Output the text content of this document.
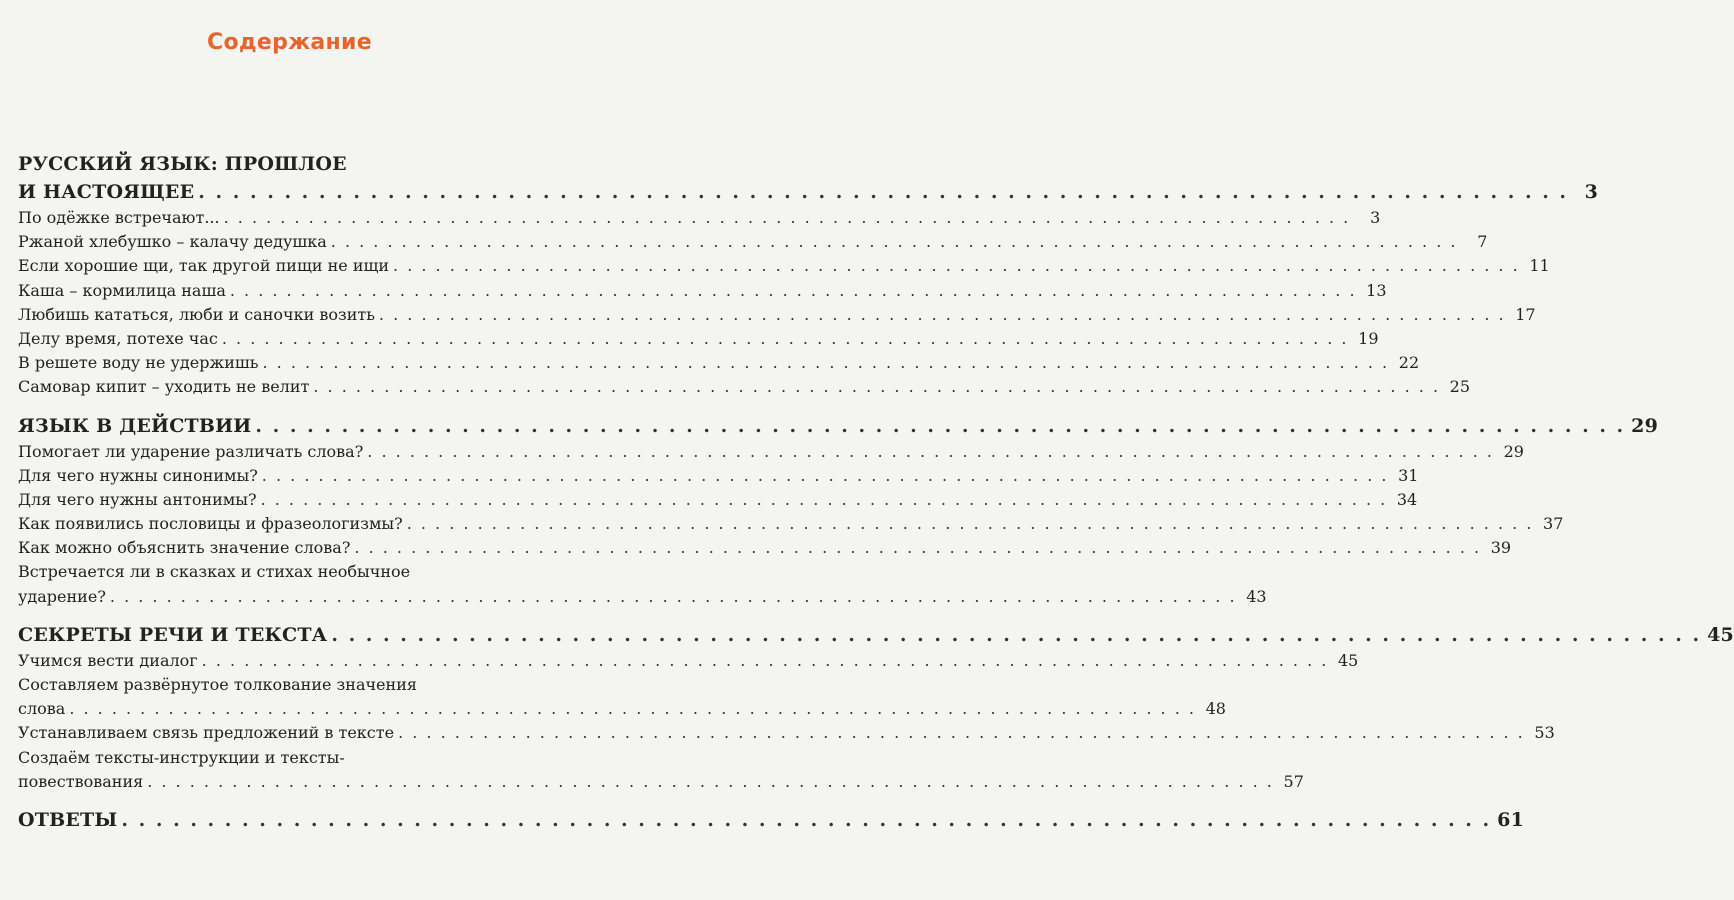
Содержание
РУССКИЙ ЯЗЫК: ПРОШЛОЕ
И НАСТОЯЩЕЕ . . . . . . . . . . . . . . . . . . . . . . . . . . . . . . . . . . . . . . . . . . . . . . . . . . . . . . . . . . . . . . . . . . . . . . . . . . . . . . . . 3
По одёжке встречают... . . . . . . . . . . . . . . . . . . . . . . . . . . . . . . . . . . . . . . . . . . . . . . . . . . . . . . . . . . . . . . . . . . . . . . . . . . . . . . . .	3
Ржаной хлебушко – калачу дедушка . . . . . . . . . . . . . . . . . . . . . . . . . . . . . . . . . . . . . . . . . . . . . . . . . . . . . . . . . . . . . . . . . . . . . . . . . . . . . . . .	7
Если хорошие щи, так другой пищи не ищи . . . . . . . . . . . . . . . . . . . . . . . . . . . . . . . . . . . . . . . . . . . . . . . . . . . . . . . . . . . . . . . . . . . . . . . . . . . . . . . . 11
Каша – кормилица наша . . . . . . . . . . . . . . . . . . . . . . . . . . . . . . . . . . . . . . . . . . . . . . . . . . . . . . . . . . . . . . . . . . . . . . . . . . . . . . . . 13
Любишь кататься, люби и саночки возить . . . . . . . . . . . . . . . . . . . . . . . . . . . . . . . . . . . . . . . . . . . . . . . . . . . . . . . . . . . . . . . . . . . . . . . . . . . . . . . . 17
Делу время, потехе час . . . . . . . . . . . . . . . . . . . . . . . . . . . . . . . . . . . . . . . . . . . . . . . . . . . . . . . . . . . . . . . . . . . . . . . . . . . . . . . . 19
В решете воду не удержишь . . . . . . . . . . . . . . . . . . . . . . . . . . . . . . . . . . . . . . . . . . . . . . . . . . . . . . . . . . . . . . . . . . . . . . . . . . . . . . . . 22
Самовар кипит – уходить не велит . . . . . . . . . . . . . . . . . . . . . . . . . . . . . . . . . . . . . . . . . . . . . . . . . . . . . . . . . . . . . . . . . . . . . . . . . . . . . . . . 25
ЯЗЫК В ДЕЙСТВИИ . . . . . . . . . . . . . . . . . . . . . . . . . . . . . . . . . . . . . . . . . . . . . . . . . . . . . . . . . . . . . . . . . . . . . . . . . . . . . . . . 29
Помогает ли ударение различать слова? . . . . . . . . . . . . . . . . . . . . . . . . . . . . . . . . . . . . . . . . . . . . . . . . . . . . . . . . . . . . . . . . . . . . . . . . . . . . . . . . 29
Для чего нужны синонимы? . . . . . . . . . . . . . . . . . . . . . . . . . . . . . . . . . . . . . . . . . . . . . . . . . . . . . . . . . . . . . . . . . . . . . . . . . . . . . . . . 31
Для чего нужны антонимы? . . . . . . . . . . . . . . . . . . . . . . . . . . . . . . . . . . . . . . . . . . . . . . . . . . . . . . . . . . . . . . . . . . . . . . . . . . . . . . . . 34
Как появились пословицы и фразеологизмы? . . . . . . . . . . . . . . . . . . . . . . . . . . . . . . . . . . . . . . . . . . . . . . . . . . . . . . . . . . . . . . . . . . . . . . . . . . . . . . . . 37
Как можно объяснить значение слова? . . . . . . . . . . . . . . . . . . . . . . . . . . . . . . . . . . . . . . . . . . . . . . . . . . . . . . . . . . . . . . . . . . . . . . . . . . . . . . . . 39
Встречается ли в сказках и стихах необычное
ударение? . . . . . . . . . . . . . . . . . . . . . . . . . . . . . . . . . . . . . . . . . . . . . . . . . . . . . . . . . . . . . . . . . . . . . . . . . . . . . . . . 43
СЕКРЕТЫ РЕЧИ И ТЕКСТА . . . . . . . . . . . . . . . . . . . . . . . . . . . . . . . . . . . . . . . . . . . . . . . . . . . . . . . . . . . . . . . . . . . . . . . . . . . . . . . . 45
Учимся вести диалог . . . . . . . . . . . . . . . . . . . . . . . . . . . . . . . . . . . . . . . . . . . . . . . . . . . . . . . . . . . . . . . . . . . . . . . . . . . . . . . . 45
Составляем развёрнутое толкование значения
слова . . . . . . . . . . . . . . . . . . . . . . . . . . . . . . . . . . . . . . . . . . . . . . . . . . . . . . . . . . . . . . . . . . . . . . . . . . . . . . . . 48
Устанавливаем связь предложений в тексте . . . . . . . . . . . . . . . . . . . . . . . . . . . . . . . . . . . . . . . . . . . . . . . . . . . . . . . . . . . . . . . . . . . . . . . . . . . . . . . . 53
Создаём тексты-инструкции и тексты-
повествования . . . . . . . . . . . . . . . . . . . . . . . . . . . . . . . . . . . . . . . . . . . . . . . . . . . . . . . . . . . . . . . . . . . . . . . . . . . . . . . . 57
ОТВЕТЫ . . . . . . . . . . . . . . . . . . . . . . . . . . . . . . . . . . . . . . . . . . . . . . . . . . . . . . . . . . . . . . . . . . . . . . . . . . . . . . . . 61
